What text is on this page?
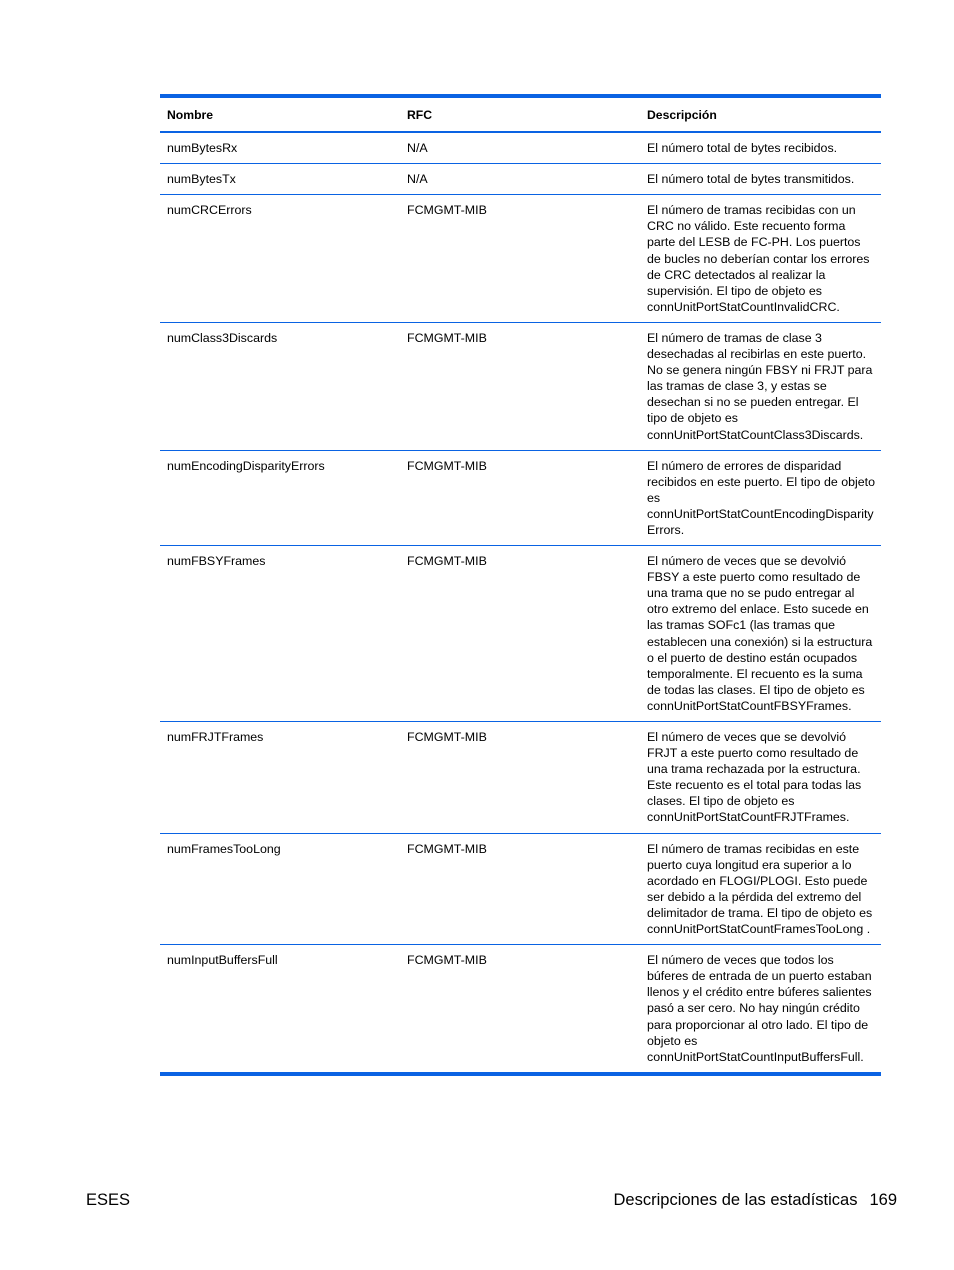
Nombre	RFC	Descripción
numBytesRx	N/A	El número total de bytes recibidos.
numBytesTx	N/A	El número total de bytes transmitidos.
numCRCErrors	FCMGMT-MIB	El número de tramas recibidas con un CRC no válido. Este recuento forma parte del LESB de FC-PH. Los puertos de bucles no deberían contar los errores de CRC detectados al realizar la supervisión. El tipo de objeto es connUnitPortStatCountInvalidCRC.
numClass3Discards	FCMGMT-MIB	El número de tramas de clase 3 desechadas al recibirlas en este puerto. No se genera ningún FBSY ni FRJT para las tramas de clase 3, y estas se desechan si no se pueden entregar. El tipo de objeto es connUnitPortStatCountClass3Discards.
numEncodingDisparityErrors	FCMGMT-MIB	El número de errores de disparidad recibidos en este puerto. El tipo de objeto es connUnitPortStatCountEncodingDisparityErrors.
numFBSYFrames	FCMGMT-MIB	El número de veces que se devolvió FBSY a este puerto como resultado de una trama que no se pudo entregar al otro extremo del enlace. Esto sucede en las tramas SOFc1 (las tramas que establecen una conexión) si la estructura o el puerto de destino están ocupados temporalmente. El recuento es la suma de todas las clases. El tipo de objeto es connUnitPortStatCountFBSYFrames.
numFRJTFrames	FCMGMT-MIB	El número de veces que se devolvió FRJT a este puerto como resultado de una trama rechazada por la estructura. Este recuento es el total para todas las clases. El tipo de objeto es connUnitPortStatCountFRJTFrames.
numFramesTooLong	FCMGMT-MIB	El número de tramas recibidas en este puerto cuya longitud era superior a lo acordado en FLOGI/PLOGI. Esto puede ser debido a la pérdida del extremo del delimitador de trama. El tipo de objeto es connUnitPortStatCountFramesTooLong .
numInputBuffersFull	FCMGMT-MIB	El número de veces que todos los búferes de entrada de un puerto estaban llenos y el crédito entre búferes salientes pasó a ser cero. No hay ningún crédito para proporcionar al otro lado. El tipo de objeto es connUnitPortStatCountInputBuffersFull.
ESES	Descripciones de las estadísticas 169
